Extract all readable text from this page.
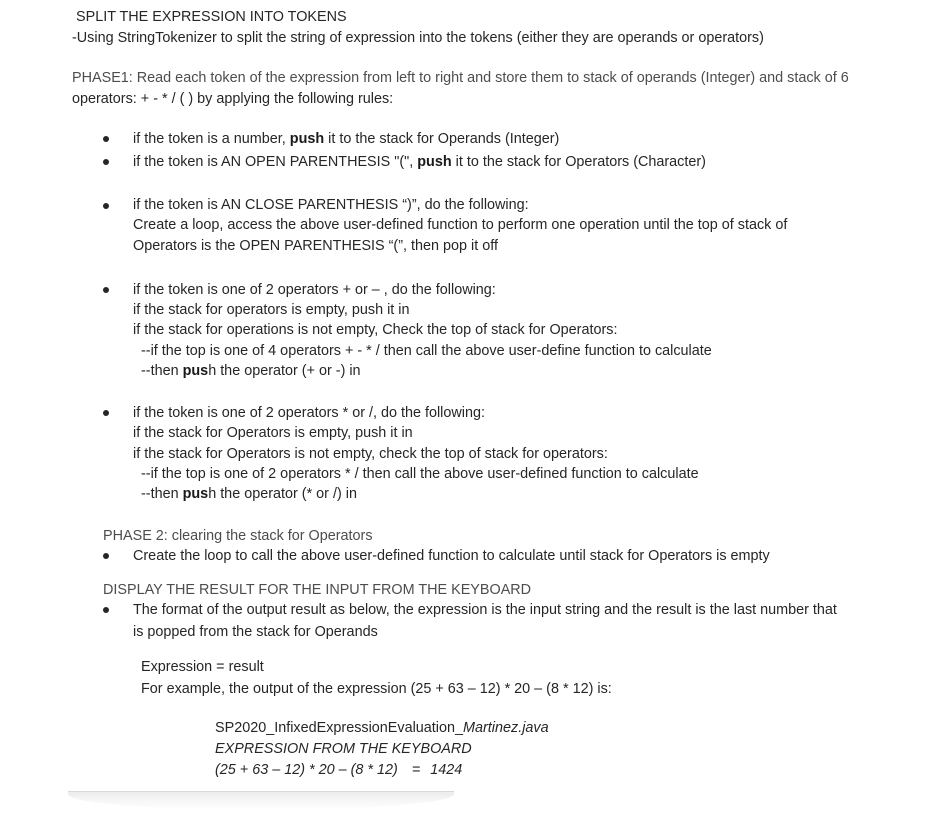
SPLIT THE EXPRESSION INTO TOKENS
-Using StringTokenizer to split the string of expression into the tokens (either they are operands or operators)
PHASE1: Read each token of the expression from left to right and store them to stack of operands (Integer) and stack of 6
operators: + - * / ( ) by applying the following rules:
if the token is a number, push it to the stack for Operands (Integer)
if the token is AN OPEN PARENTHESIS "(", push it to the stack for Operators (Character)
if the token is AN CLOSE PARENTHESIS “)”, do the following:
Create a loop, access the above user-defined function to perform one operation until the top of stack of
Operators is the OPEN PARENTHESIS “(”, then pop it off
if the token is one of 2 operators + or – , do the following:
if the stack for operators is empty, push it in
if the stack for operations is not empty, Check the top of stack for Operators:
--if the top is one of 4 operators + - * / then call the above user-define function to calculate
--then push the operator (+ or -) in
if the token is one of 2 operators * or /, do the following:
if the stack for Operators is empty, push it in
if the stack for Operators is not empty, check the top of stack for operators:
--if the top is one of 2 operators * / then call the above user-defined function to calculate
--then push the operator (* or /) in
PHASE 2: clearing the stack for Operators
Create the loop to call the above user-defined function to calculate until stack for Operators is empty
DISPLAY THE RESULT FOR THE INPUT FROM THE KEYBOARD
The format of the output result as below, the expression is the input string and the result is the last number that
is popped from the stack for Operands
Expression = result
For example, the output of the expression (25 + 63 – 12) * 20 – (8 * 12) is:
SP2020_InfixedExpressionEvaluation_Martinez.java
EXPRESSION FROM THE KEYBOARD
(25 + 63 – 12) * 20 – (8 * 12) = 1424
